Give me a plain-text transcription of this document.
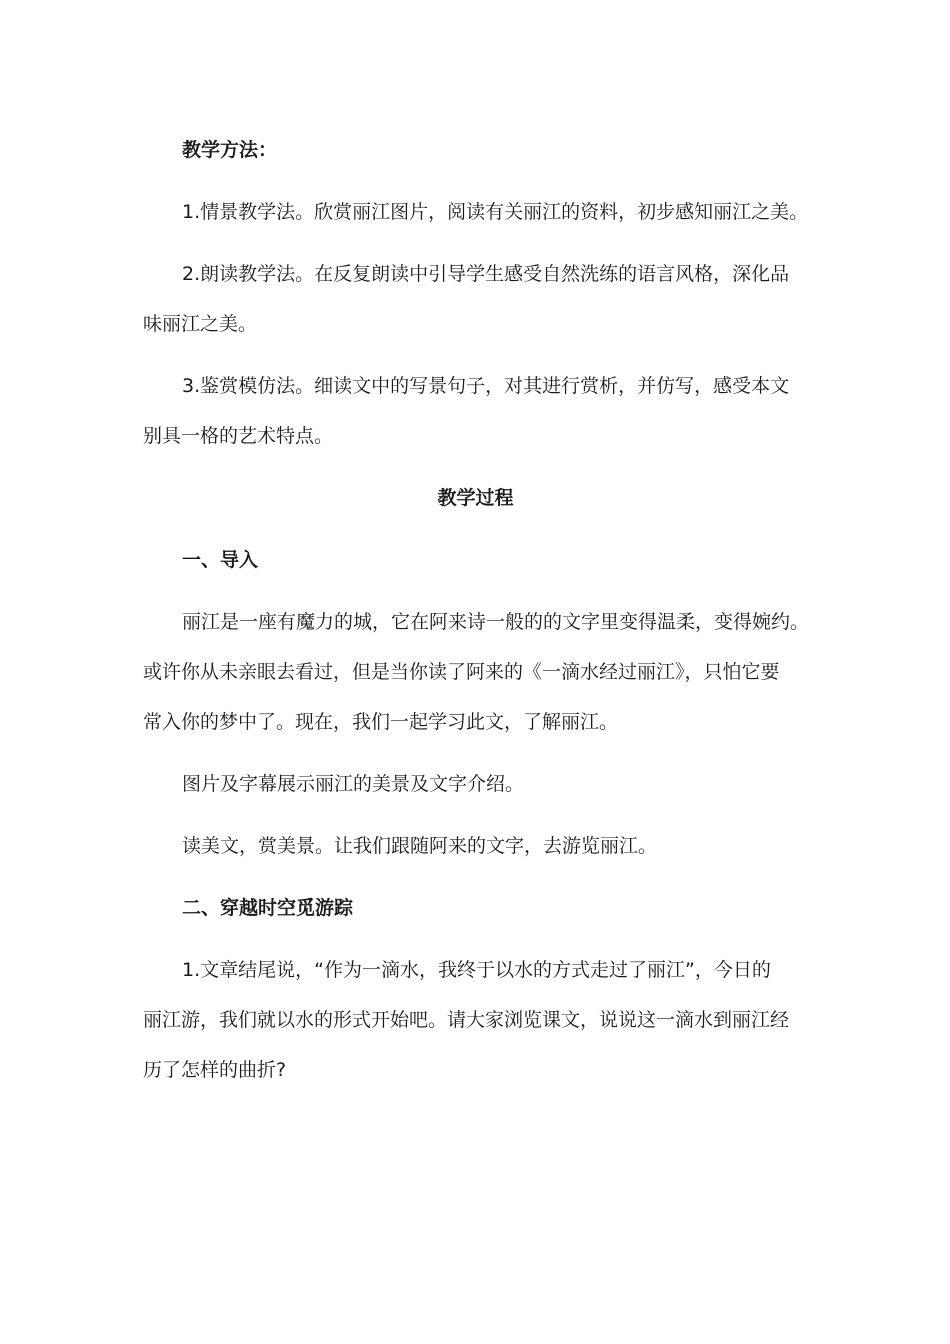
教学方法：
1.情景教学法。欣赏丽江图片，阅读有关丽江的资料，初步感知丽江之美。
2.朗读教学法。在反复朗读中引导学生感受自然洗练的语言风格，深化品
味丽江之美。
3.鉴赏模仿法。细读文中的写景句子，对其进行赏析，并仿写，感受本文
别具一格的艺术特点。
教学过程
一、导入
丽江是一座有魔力的城，它在阿来诗一般的的文字里变得温柔，变得婉约。
或许你从未亲眼去看过，但是当你读了阿来的《一滴水经过丽江》，只怕它要
常入你的梦中了。现在，我们一起学习此文，了解丽江。
图片及字幕展示丽江的美景及文字介绍。
读美文，赏美景。让我们跟随阿来的文字，去游览丽江。
二、穿越时空觅游踪
1.文章结尾说，“作为一滴水，我终于以水的方式走过了丽江”，今日的
丽江游，我们就以水的形式开始吧。请大家浏览课文，说说这一滴水到丽江经
历了怎样的曲折?
